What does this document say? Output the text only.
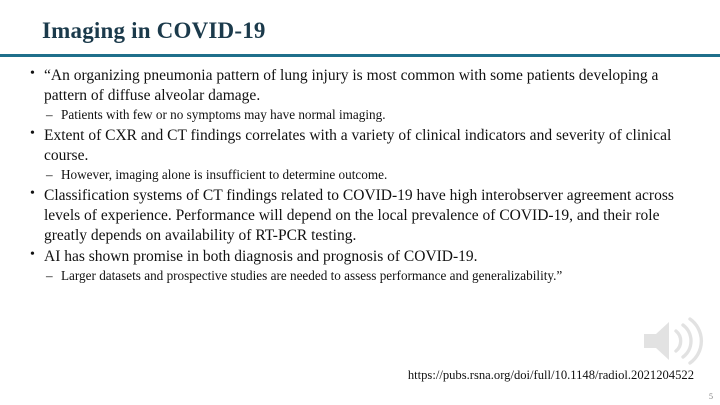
Imaging in COVID-19
• “An organizing pneumonia pattern of lung injury is most common with some patients developing a pattern of diffuse alveolar damage.
– Patients with few or no symptoms may have normal imaging.
• Extent of CXR and CT findings correlates with a variety of clinical indicators and severity of clinical course.
– However, imaging alone is insufficient to determine outcome.
• Classification systems of CT findings related to COVID-19 have high interobserver agreement across levels of experience. Performance will depend on the local prevalence of COVID-19, and their role greatly depends on availability of RT-PCR testing.
• AI has shown promise in both diagnosis and prognosis of COVID-19.
– Larger datasets and prospective studies are needed to assess performance and generalizability.”
https://pubs.rsna.org/doi/full/10.1148/radiol.2021204522
5
